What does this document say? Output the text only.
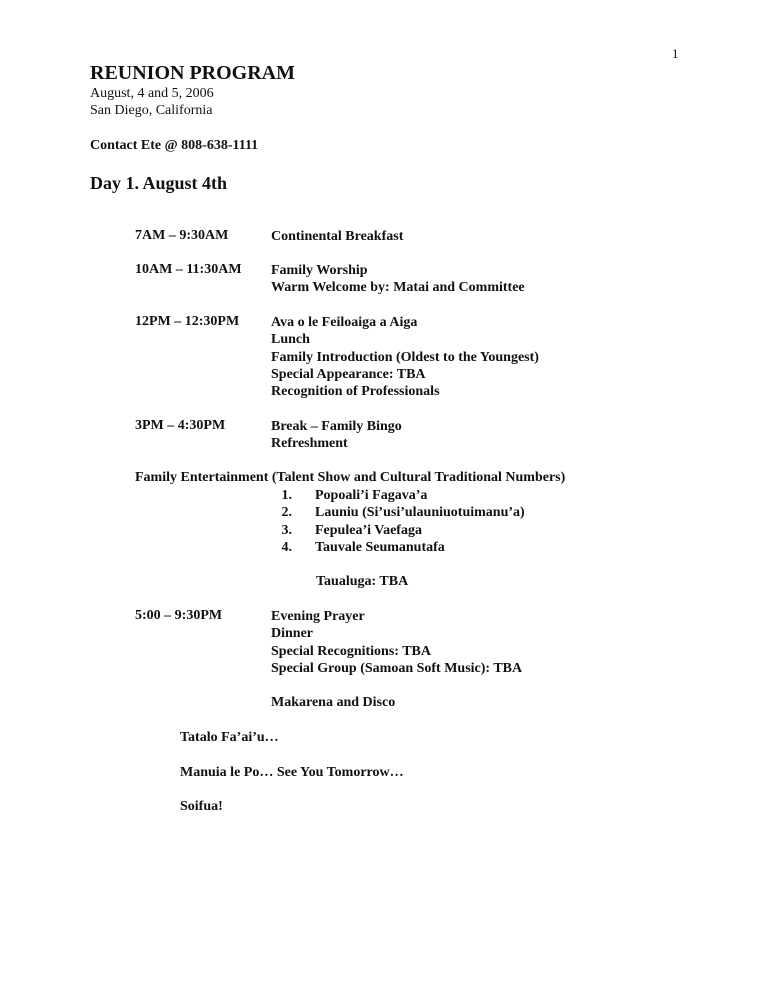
1
REUNION PROGRAM
August, 4 and 5, 2006
San Diego, California
Contact Ete @ 808-638-1111
Day 1. August 4th
7AM – 9:30AM	Continental Breakfast
10AM – 11:30AM Family Worship
Warm Welcome by: Matai and Committee
12PM – 12:30PM Ava o le Feiloaiga a Aiga
Lunch
Family Introduction (Oldest to the Youngest)
Special Appearance: TBA
Recognition of Professionals
3PM – 4:30PM	Break – Family Bingo
Refreshment
Family Entertainment (Talent Show and Cultural Traditional Numbers)
1. Popoali’i Fagava’a
2. Launiu (Si’usi’ulauniuotuimanu’a)
3. Fepulea’i Vaefaga
4. Tauvale Seumanutafa
Taualuga: TBA
5:00 – 9:30PM	Evening Prayer
Dinner
Special Recognitions: TBA
Special Group (Samoan Soft Music): TBA
Makarena and Disco
Tatalo Fa’ai’u…
Manuia le Po… See You Tomorrow…
Soifua!
